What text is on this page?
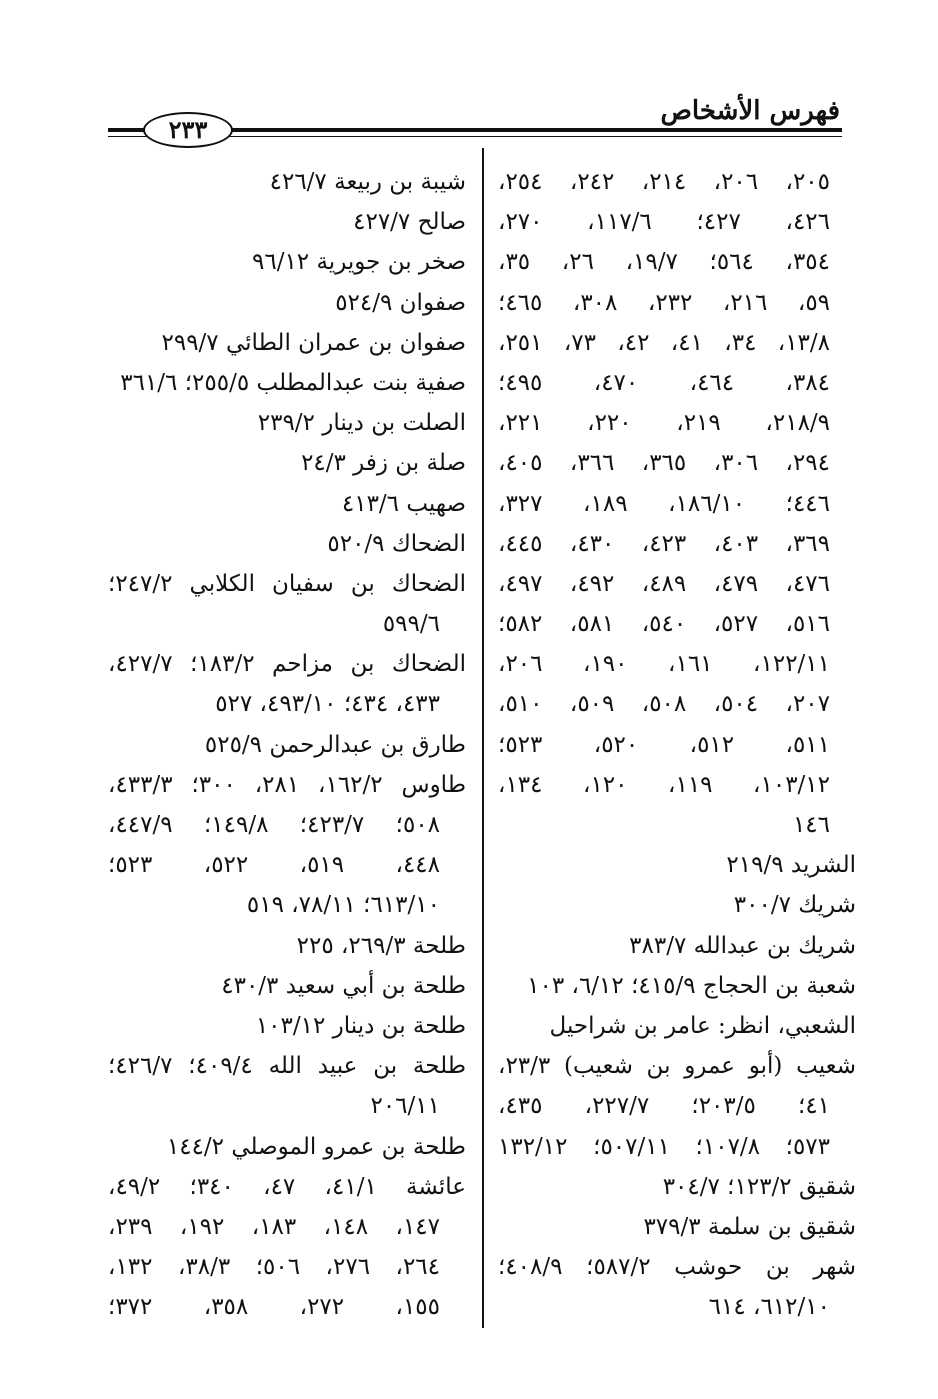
فهرس الأشخاص
٢٣٣
٢٠٥، ٢٠٦، ٢١٤، ٢٤٢، ٢٥٤،
٤٢٦، ٤٢٧؛ ١١٧/٦، ٢٧٠،
٣٥٤، ٥٦٤؛ ١٩/٧، ٢٦، ٣٥،
٥٩، ٢١٦، ٢٣٢، ٣٠٨، ٤٦٥؛
١٣/٨، ٣٤، ٤١، ٤٢، ٧٣، ٢٥١،
٣٨٤، ٤٦٤، ٤٧٠، ٤٩٥؛
٢١٨/٩، ٢١٩، ٢٢٠، ٢٢١،
٢٩٤، ٣٠٦، ٣٦٥، ٣٦٦، ٤٠٥،
٤٤٦؛ ١٨٦/١٠، ١٨٩، ٣٢٧،
٣٦٩، ٤٠٣، ٤٢٣، ٤٣٠، ٤٤٥،
٤٧٦، ٤٧٩، ٤٨٩، ٤٩٢، ٤٩٧،
٥١٦، ٥٢٧، ٥٤٠، ٥٨١، ٥٨٢؛
١٢٢/١١، ١٦١، ١٩٠، ٢٠٦،
٢٠٧، ٥٠٤، ٥٠٨، ٥٠٩، ٥١٠،
٥١١، ٥١٢، ٥٢٠، ٥٢٣؛
١٠٣/١٢، ١١٩، ١٢٠، ١٣٤،
١٤٦
الشريد ٢١٩/٩
شريك ٣٠٠/٧
شريك بن عبدالله ٣٨٣/٧
شعبة بن الحجاج ٤١٥/٩؛ ٦/١٢، ١٠٣
الشعبي، انظر: عامر بن شراحيل
شعيب (أبو عمرو بن شعيب) ٢٣/٣،
٤١؛ ٢٠٣/٥؛ ٢٢٧/٧، ٤٣٥،
٥٧٣؛ ١٠٧/٨؛ ٥٠٧/١١؛ ١٣٢/١٢
شقيق ١٢٣/٢؛ ٣٠٤/٧
شقيق بن سلمة ٣٧٩/٣
شهر بن حوشب ٥٨٧/٢؛ ٤٠٨/٩؛
٦١٢/١٠، ٦١٤
شيبة بن ربيعة ٤٢٦/٧
صالح ٤٢٧/٧
صخر بن جويرية ٩٦/١٢
صفوان ٥٢٤/٩
صفوان بن عمران الطائي ٢٩٩/٧
صفية بنت عبدالمطلب ٢٥٥/٥؛ ٣٦١/٦
الصلت بن دينار ٢٣٩/٢
صلة بن زفر ٢٤/٣
صهيب ٤١٣/٦
الضحاك ٥٢٠/٩
الضحاك بن سفيان الكلابي ٢٤٧/٢؛
٥٩٩/٦
الضحاك بن مزاحم ١٨٣/٢؛ ٤٢٧/٧،
٤٣٣، ٤٣٤؛ ٤٩٣/١٠، ٥٢٧
طارق بن عبدالرحمن ٥٢٥/٩
طاوس ١٦٢/٢، ٢٨١، ٣٠٠؛ ٤٣٣/٣،
٥٠٨؛ ٤٢٣/٧؛ ١٤٩/٨؛ ٤٤٧/٩،
٤٤٨، ٥١٩، ٥٢٢، ٥٢٣؛
٦١٣/١٠؛ ٧٨/١١، ٥١٩
طلحة ٢٦٩/٣، ٢٢٥
طلحة بن أبي سعيد ٤٣٠/٣
طلحة بن دينار ١٠٣/١٢
طلحة بن عبيد الله ٤٠٩/٤؛ ٤٢٦/٧؛
٢٠٦/١١
طلحة بن عمرو الموصلي ١٤٤/٢
عائشة ٤١/١، ٤٧، ٣٤٠؛ ٤٩/٢،
١٤٧، ١٤٨، ١٨٣، ١٩٢، ٢٣٩،
٢٦٤، ٢٧٦، ٥٠٦؛ ٣٨/٣، ١٣٢،
١٥٥، ٢٧٢، ٣٥٨، ٣٧٢؛
